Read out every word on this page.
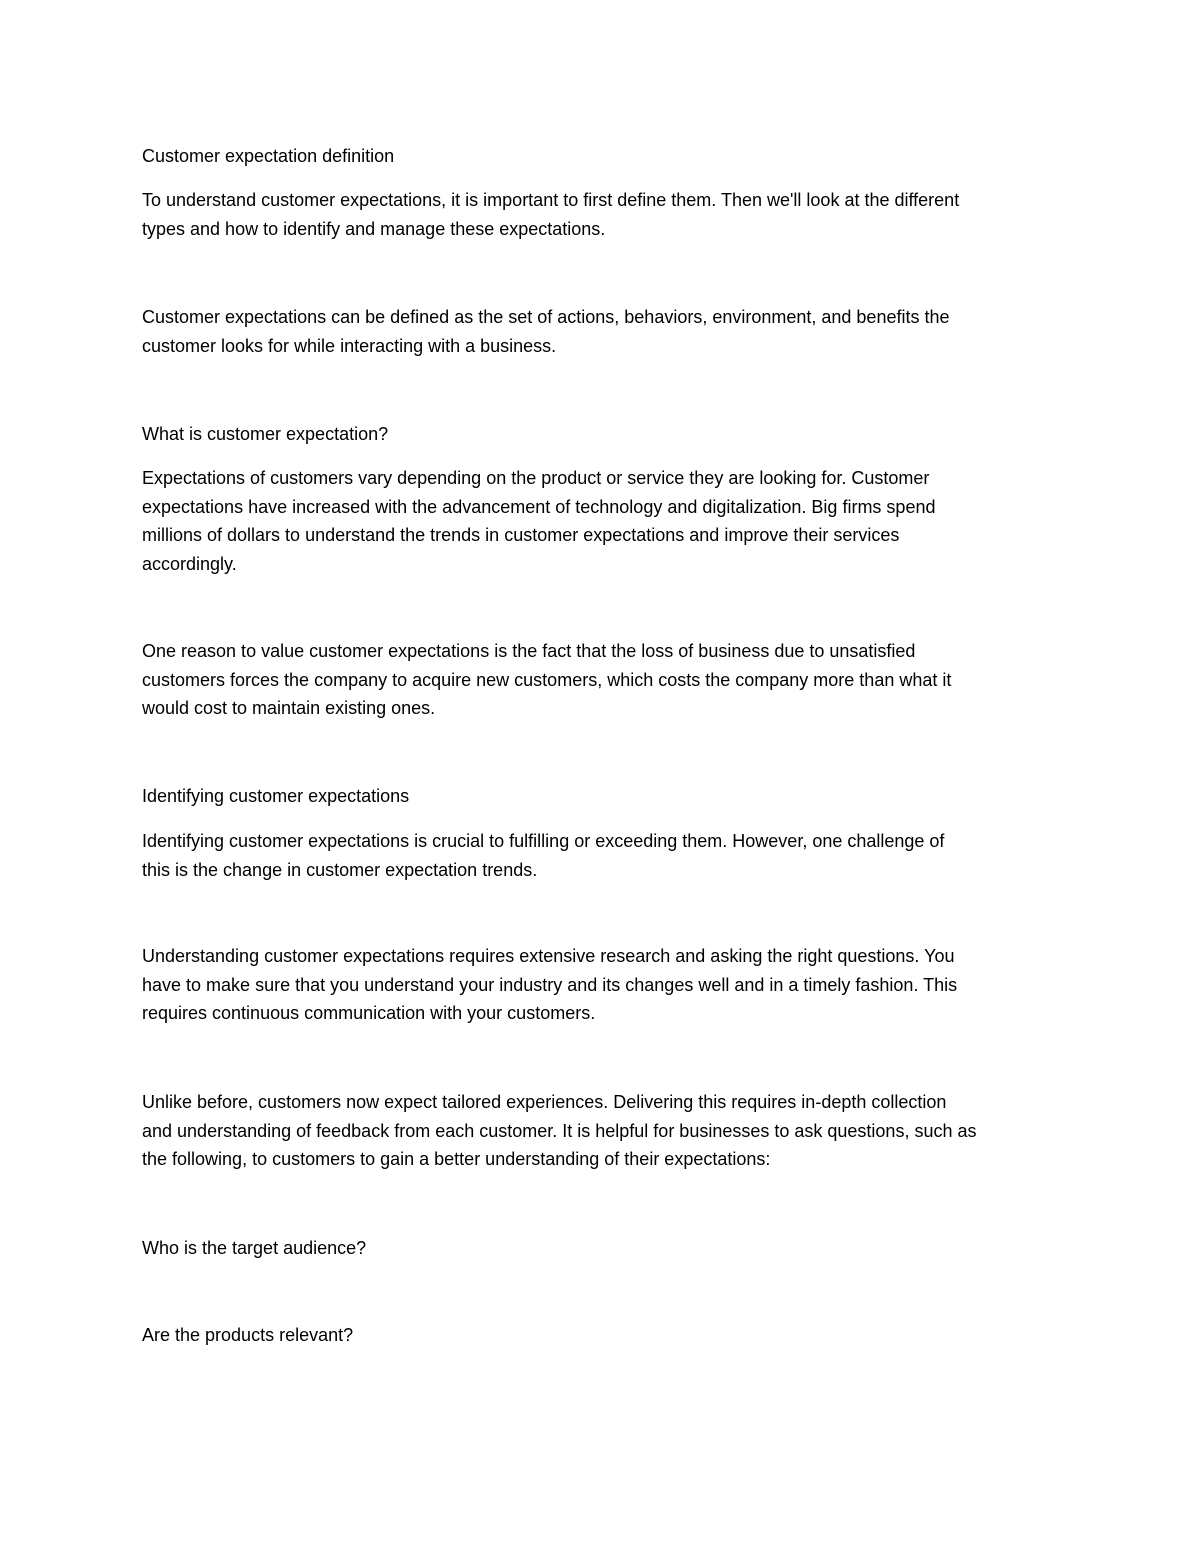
Customer expectation definition

To understand customer expectations, it is important to first define them. Then we'll look at the different
types and how to identify and manage these expectations.

Customer expectations can be defined as the set of actions, behaviors, environment, and benefits the
customer looks for while interacting with a business.

What is customer expectation?

Expectations of customers vary depending on the product or service they are looking for. Customer
expectations have increased with the advancement of technology and digitalization. Big firms spend
millions of dollars to understand the trends in customer expectations and improve their services
accordingly.

One reason to value customer expectations is the fact that the loss of business due to unsatisfied
customers forces the company to acquire new customers, which costs the company more than what it
would cost to maintain existing ones.

Identifying customer expectations

Identifying customer expectations is crucial to fulfilling or exceeding them. However, one challenge of
this is the change in customer expectation trends.

Understanding customer expectations requires extensive research and asking the right questions. You
have to make sure that you understand your industry and its changes well and in a timely fashion. This
requires continuous communication with your customers.

Unlike before, customers now expect tailored experiences. Delivering this requires in-depth collection
and understanding of feedback from each customer. It is helpful for businesses to ask questions, such as
the following, to customers to gain a better understanding of their expectations:

Who is the target audience?

Are the products relevant?
